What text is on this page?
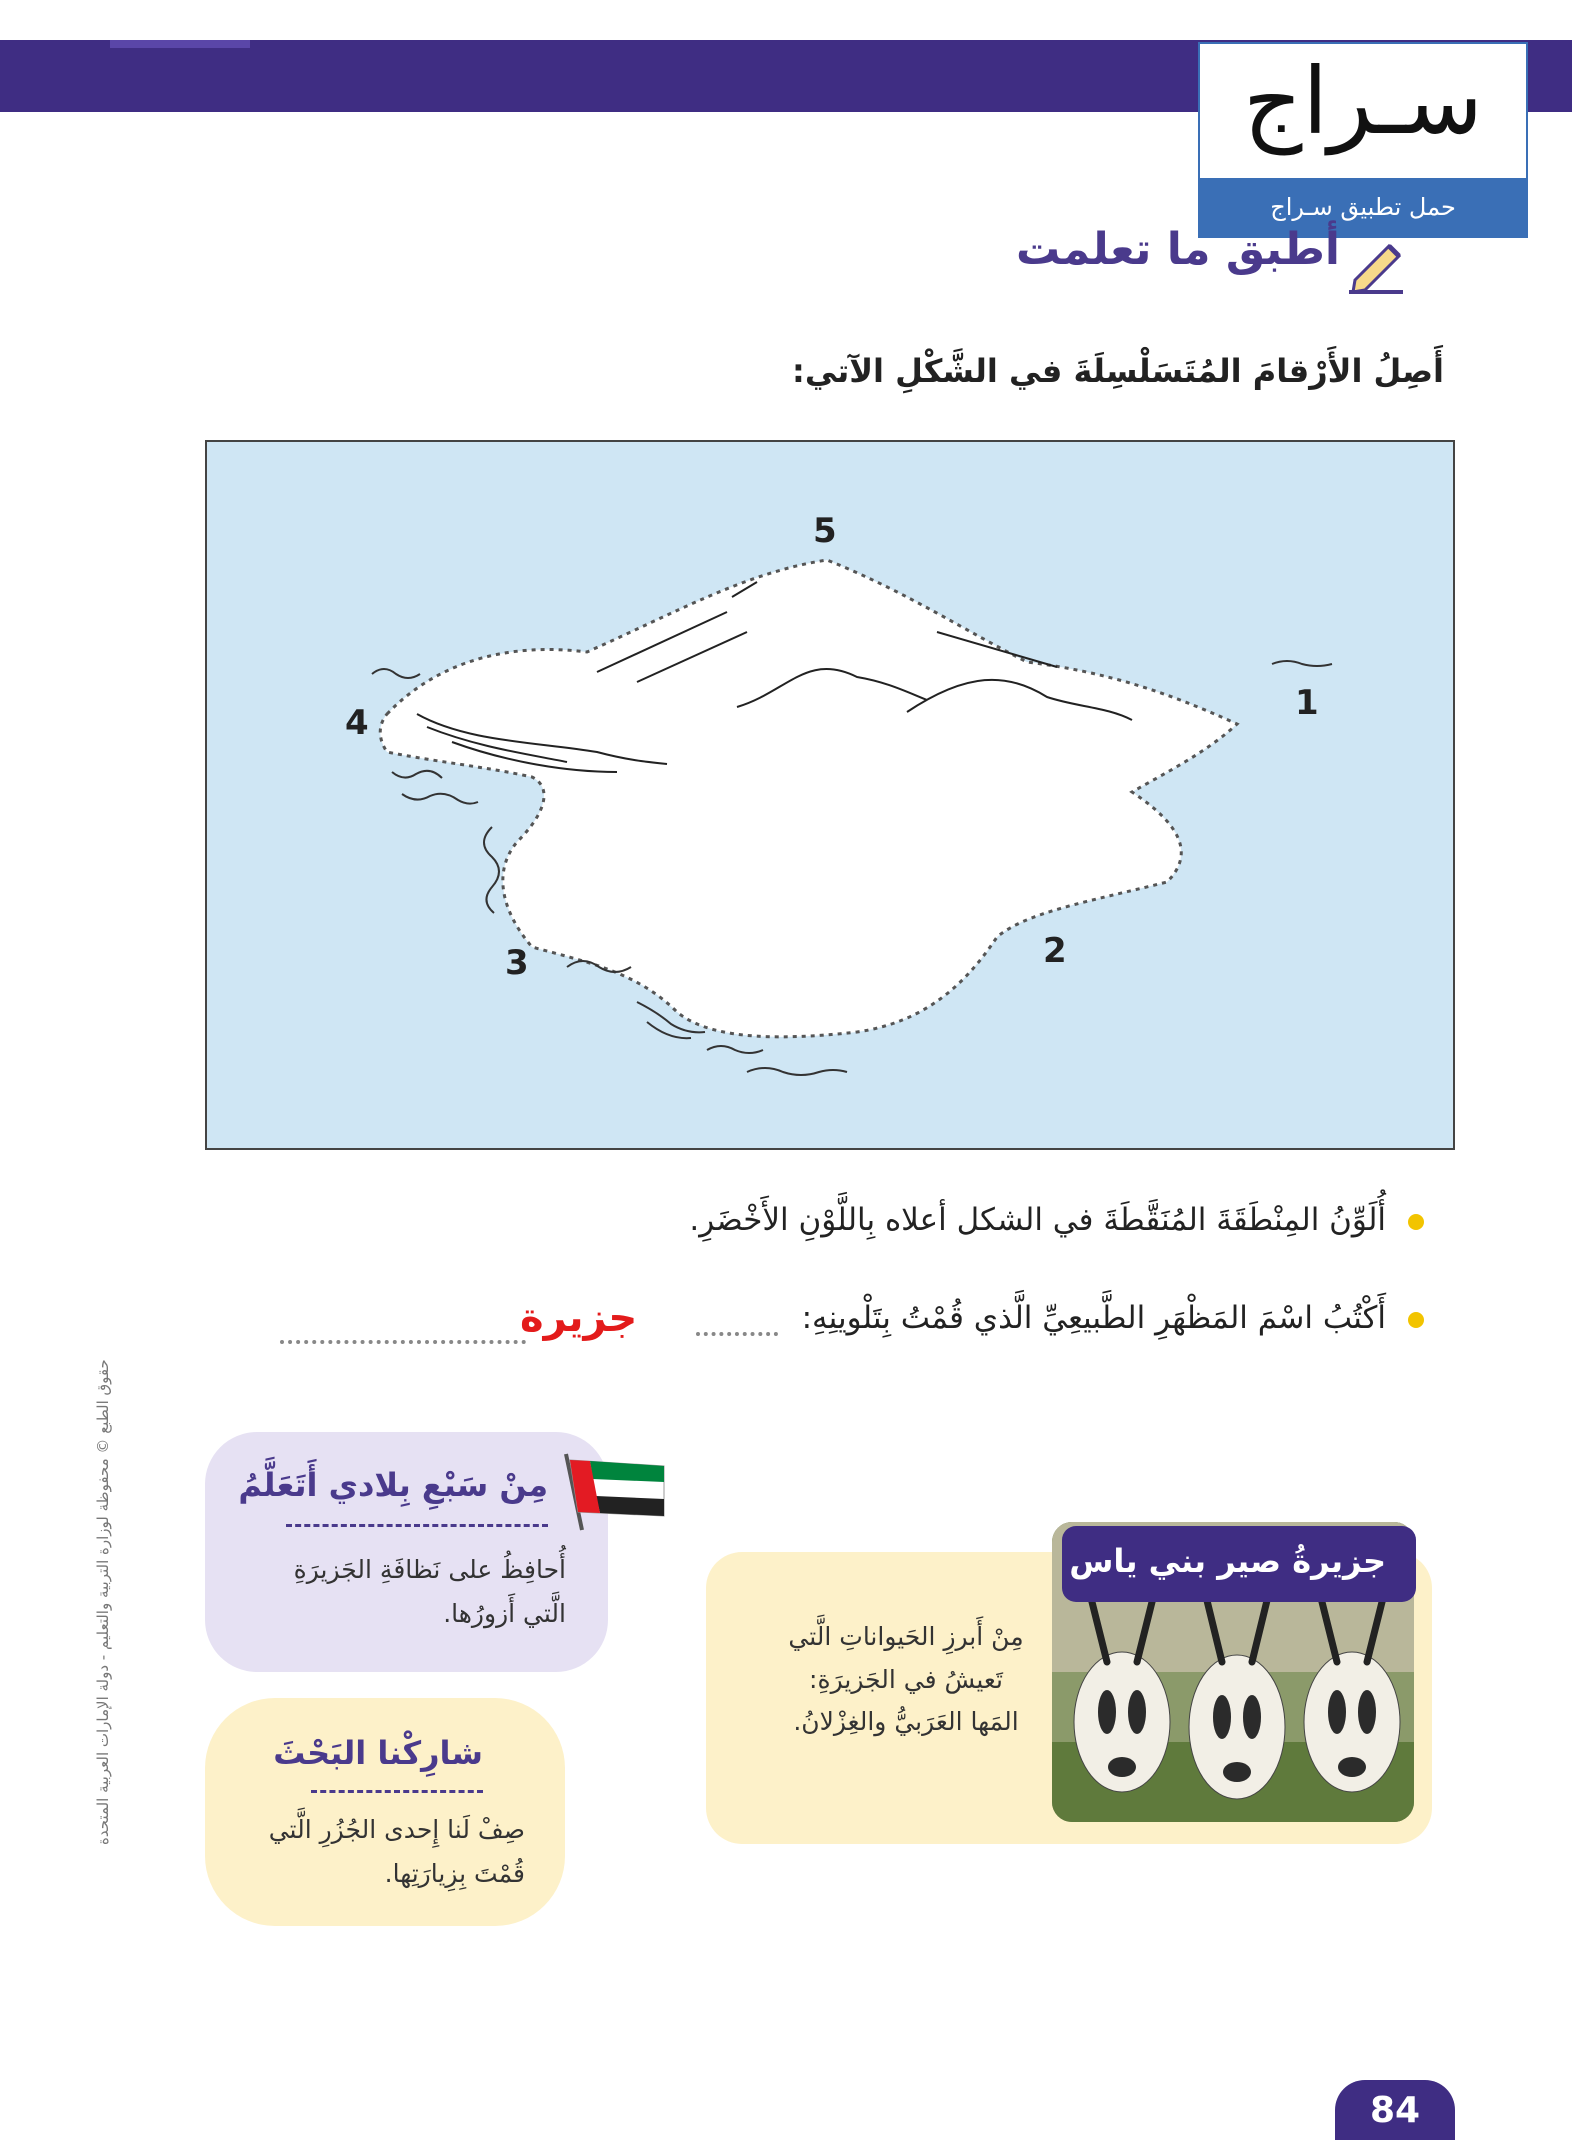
سـراج
حمل تطبيق سـراج
أطبق ما تعلمت
أَصِلُ الأَرْقامَ المُتَسَلْسِلَةَ في الشَّكْلِ الآتي:
1
2
3
4
5
أُلَوِّنُ المِنْطَقَةَ المُنَقَّطَةَ في الشكل أعلاه بِاللَّوْنِ الأَخْضَرِ.
أَكْتُبُ اسْمَ المَظْهَرِ الطَّبيعِيِّ الَّذي قُمْتُ بِتَلْوينِهِ:
جزيرة
حقوق الطبع © محفوظة لوزارة التربية والتعليم - دولة الإمارات العربية المتحدة	مِنْ سَبْعِ بِلادي أَتَعَلَّمُ
أُحافِظُ على نَظافَةِ الجَزيرَةِ
الَّتي أَزورُها.
شارِكْنا البَحْثَ
صِفْ لَنا إِحدى الجُزُرِ الَّتي
قُمْتَ بِزِيارَتِها.
مِنْ أَبرزِ الحَيواناتِ الَّتي
تَعيشُ في الجَزيرَةِ:
المَها العَرَبيُّ والغِزْلانُ.
جزيرةُ صير بني ياس
84
